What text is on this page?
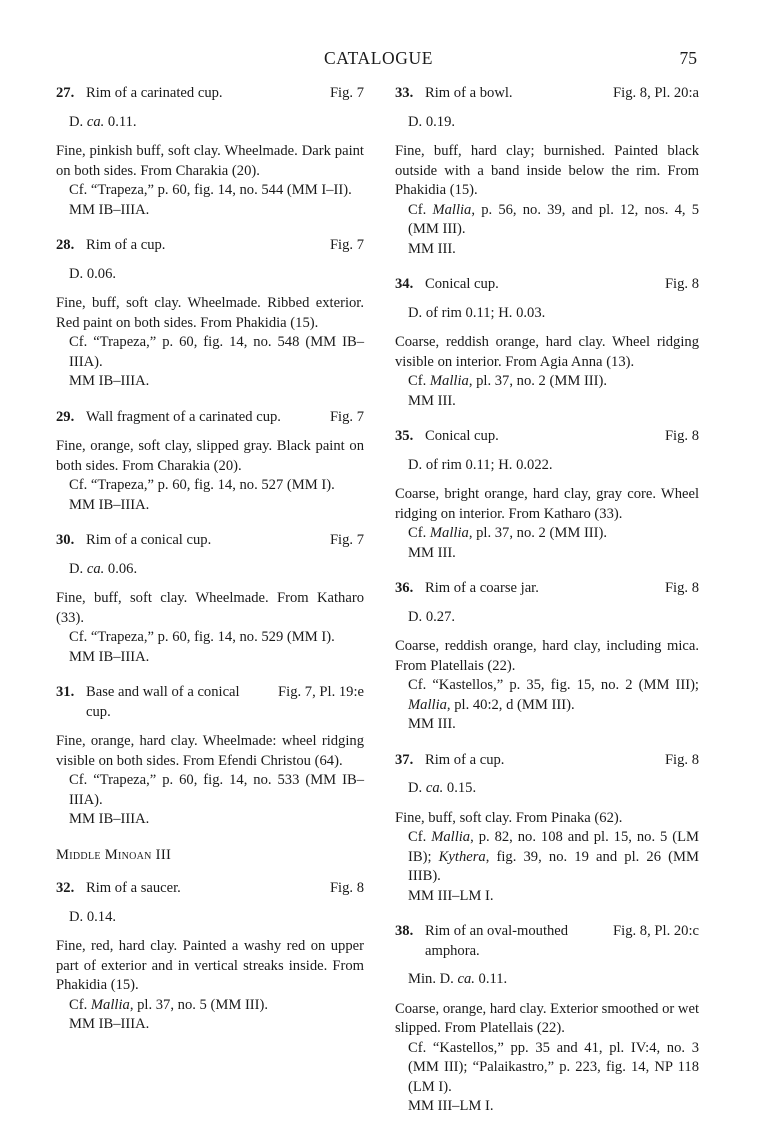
CATALOGUE	75
27. Rim of a carinated cup.	Fig. 7
D. ca. 0.11.
Fine, pinkish buff, soft clay. Wheelmade. Dark paint on both sides. From Charakia (20).
Cf. “Trapeza,” p. 60, fig. 14, no. 544 (MM I–II).
MM IB–IIIA.
28. Rim of a cup.	Fig. 7
D. 0.06.
Fine, buff, soft clay. Wheelmade. Ribbed exterior. Red paint on both sides. From Phakidia (15).
Cf. “Trapeza,” p. 60, fig. 14, no. 548 (MM IB–IIIA).
MM IB–IIIA.
29. Wall fragment of a carinated cup.	Fig. 7
Fine, orange, soft clay, slipped gray. Black paint on both sides. From Charakia (20).
Cf. “Trapeza,” p. 60, fig. 14, no. 527 (MM I).
MM IB–IIIA.
30. Rim of a conical cup.	Fig. 7
D. ca. 0.06.
Fine, buff, soft clay. Wheelmade. From Katharo (33).
Cf. “Trapeza,” p. 60, fig. 14, no. 529 (MM I).
MM IB–IIIA.
31. Base and wall of a conical cup.
Fig. 7, Pl. 19:e
Fine, orange, hard clay. Wheelmade: wheel ridging visible on both sides. From Efendi Christou (64).
Cf. “Trapeza,” p. 60, fig. 14, no. 533 (MM IB–IIIA).
MM IB–IIIA.
Middle Minoan III
32. Rim of a saucer.	Fig. 8
D. 0.14.
Fine, red, hard clay. Painted a washy red on upper part of exterior and in vertical streaks inside. From Phakidia (15).
Cf. Mallia, pl. 37, no. 5 (MM III).
MM IB–IIIA.
33. Rim of a bowl.	Fig. 8, Pl. 20:a
D. 0.19.
Fine, buff, hard clay; burnished. Painted black outside with a band inside below the rim. From Phakidia (15).
Cf. Mallia, p. 56, no. 39, and pl. 12, nos. 4, 5 (MM III).
MM III.
34. Conical cup.	Fig. 8
D. of rim 0.11; H. 0.03.
Coarse, reddish orange, hard clay. Wheel ridging visible on interior. From Agia Anna (13).
Cf. Mallia, pl. 37, no. 2 (MM III).
MM III.
35. Conical cup.	Fig. 8
D. of rim 0.11; H. 0.022.
Coarse, bright orange, hard clay, gray core. Wheel ridging on interior. From Katharo (33).
Cf. Mallia, pl. 37, no. 2 (MM III).
MM III.
36. Rim of a coarse jar.	Fig. 8
D. 0.27.
Coarse, reddish orange, hard clay, including mica. From Platellais (22).
Cf. “Kastellos,” p. 35, fig. 15, no. 2 (MM III); Mallia, pl. 40:2, d (MM III).
MM III.
37. Rim of a cup.	Fig. 8
D. ca. 0.15.
Fine, buff, soft clay. From Pinaka (62).
Cf. Mallia, p. 82, no. 108 and pl. 15, no. 5 (LM IB); Kythera, fig. 39, no. 19 and pl. 26 (MM IIIB).
MM III–LM I.
38. Rim of an oval-mouthed amphora.
Fig. 8, Pl. 20:c
Min. D. ca. 0.11.
Coarse, orange, hard clay. Exterior smoothed or wet slipped. From Platellais (22).
Cf. “Kastellos,” pp. 35 and 41, pl. IV:4, no. 3 (MM III); “Palaikastro,” p. 223, fig. 14, NP 118 (LM I).
MM III–LM I.
